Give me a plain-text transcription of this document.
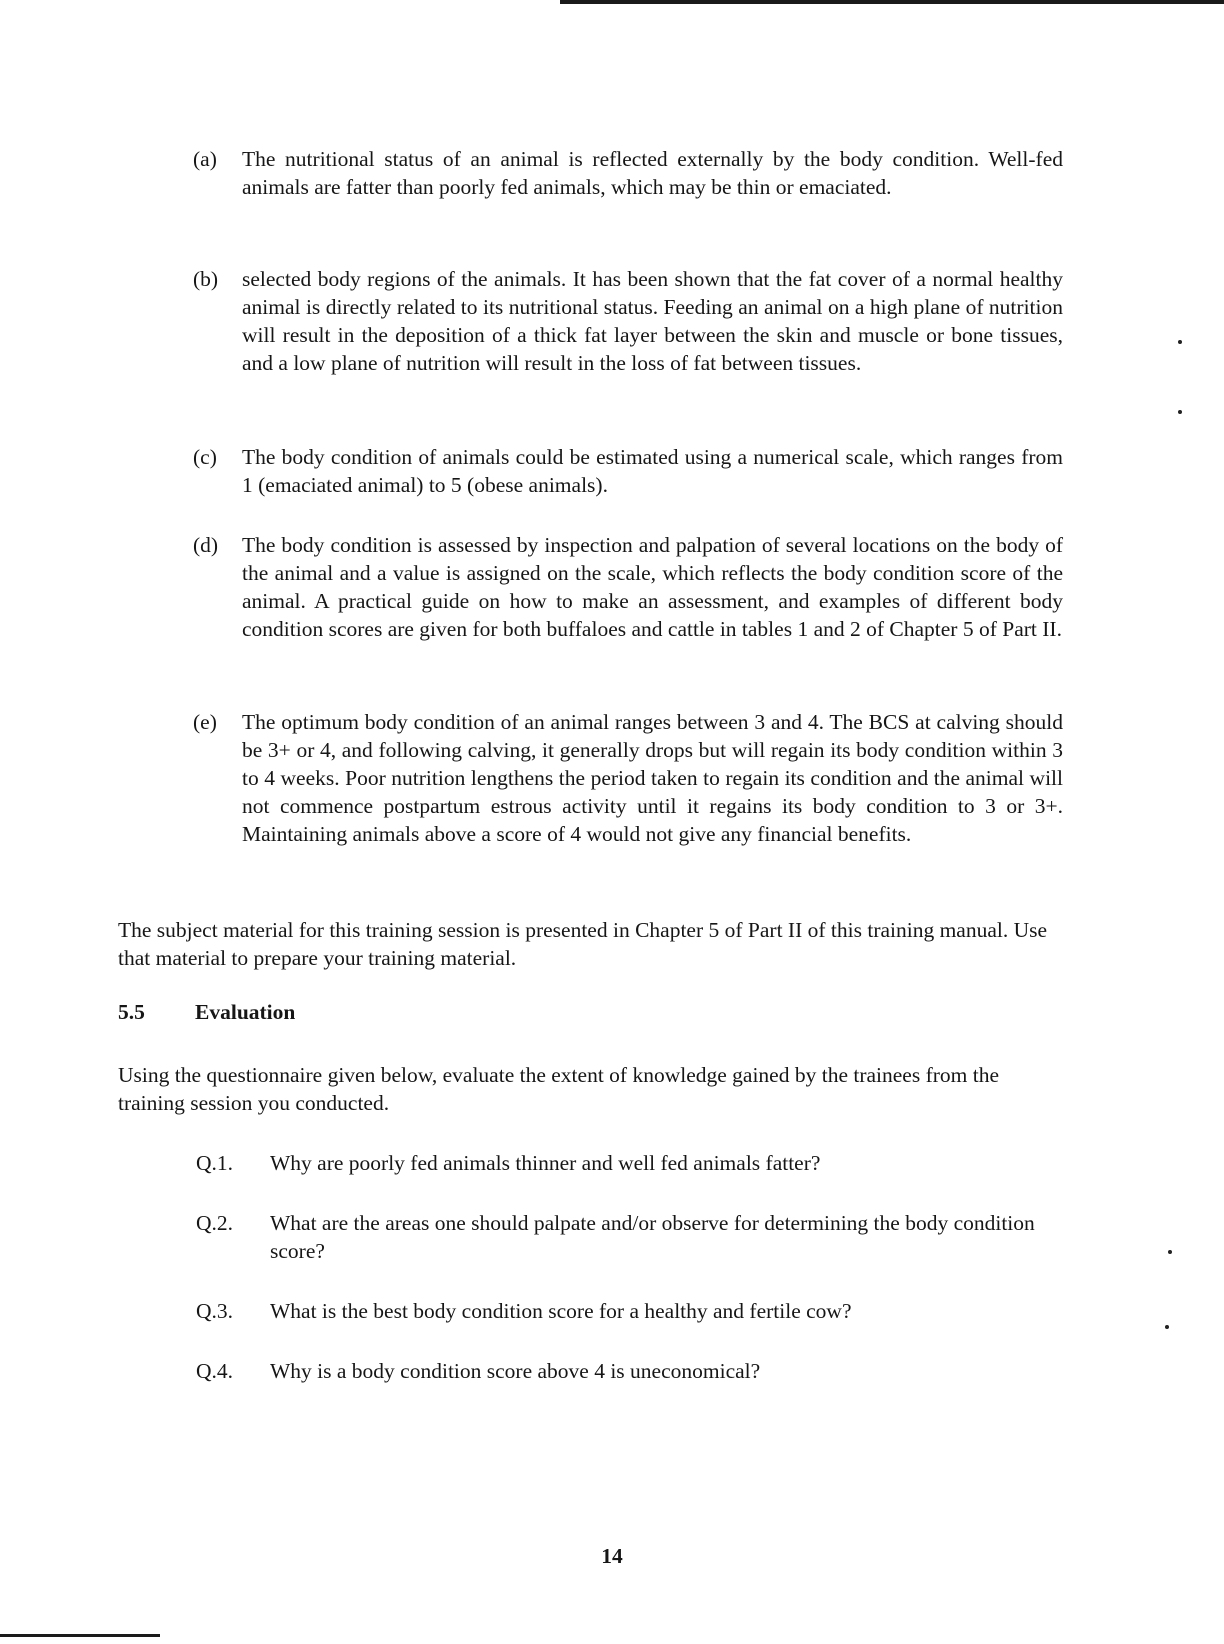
(a) The nutritional status of an animal is reflected externally by the body condition. Well-fed animals are fatter than poorly fed animals, which may be thin or emaciated.
(b) selected body regions of the animals. It has been shown that the fat cover of a normal healthy animal is directly related to its nutritional status. Feeding an animal on a high plane of nutrition will result in the deposition of a thick fat layer between the skin and muscle or bone tissues, and a low plane of nutrition will result in the loss of fat between tissues.
(c) The body condition of animals could be estimated using a numerical scale, which ranges from 1 (emaciated animal) to 5 (obese animals).
(d) The body condition is assessed by inspection and palpation of several locations on the body of the animal and a value is assigned on the scale, which reflects the body condition score of the animal. A practical guide on how to make an assessment, and examples of different body condition scores are given for both buffaloes and cattle in tables 1 and 2 of Chapter 5 of Part II.
(e) The optimum body condition of an animal ranges between 3 and 4. The BCS at calving should be 3+ or 4, and following calving, it generally drops but will regain its body condition within 3 to 4 weeks. Poor nutrition lengthens the period taken to regain its condition and the animal will not commence postpartum estrous activity until it regains its body condition to 3 or 3+. Maintaining animals above a score of 4 would not give any financial benefits.
The subject material for this training session is presented in Chapter 5 of Part II of this training manual. Use that material to prepare your training material.
5.5 Evaluation
Using the questionnaire given below, evaluate the extent of knowledge gained by the trainees from the training session you conducted.
Q.1. Why are poorly fed animals thinner and well fed animals fatter?
Q.2. What are the areas one should palpate and/or observe for determining the body condition score?
Q.3. What is the best body condition score for a healthy and fertile cow?
Q.4. Why is a body condition score above 4 is uneconomical?
14
